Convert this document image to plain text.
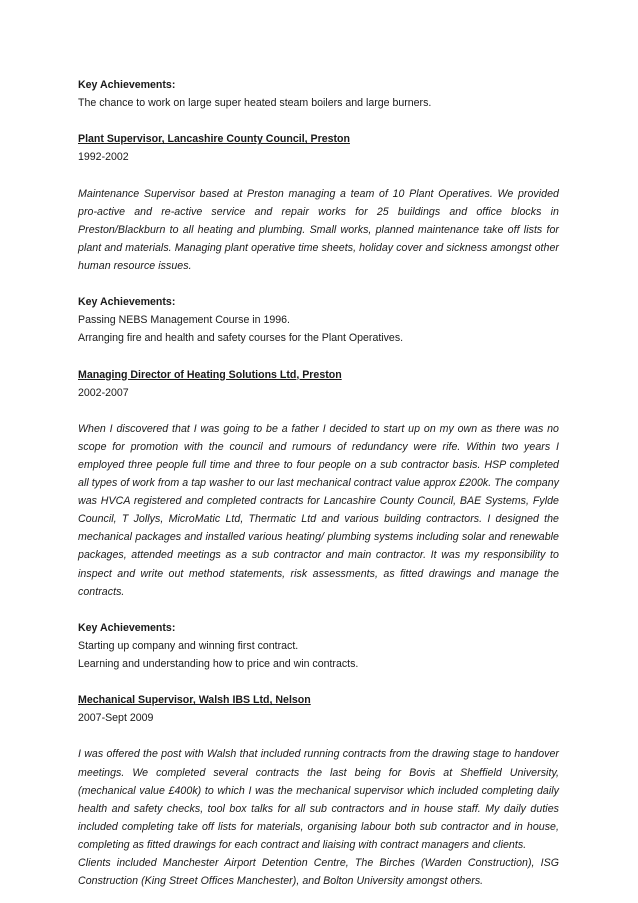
Key Achievements:
The chance to work on large super heated steam boilers and large burners.
Plant Supervisor, Lancashire County Council, Preston
1992-2002
Maintenance Supervisor based at Preston managing a team of 10 Plant Operatives. We provided pro-active and re-active service and repair works for 25 buildings and office blocks in Preston/Blackburn to all heating and plumbing. Small works, planned maintenance take off lists for plant and materials. Managing plant operative time sheets, holiday cover and sickness amongst other human resource issues.
Key Achievements:
Passing NEBS Management Course in 1996.
Arranging fire and health and safety courses for the Plant Operatives.
Managing Director of Heating Solutions Ltd, Preston
2002-2007
When I discovered that I was going to be a father I decided to start up on my own as there was no scope for promotion with the council and rumours of redundancy were rife. Within two years I employed three people full time and three to four people on a sub contractor basis. HSP completed all types of work from a tap washer to our last mechanical contract value approx £200k. The company was HVCA registered and completed contracts for Lancashire County Council, BAE Systems, Fylde Council, T Jollys, MicroMatic Ltd, Thermatic Ltd and various building contractors. I designed the mechanical packages and installed various heating/ plumbing systems including solar and renewable packages, attended meetings as a sub contractor and main contractor. It was my responsibility to inspect and write out method statements, risk assessments, as fitted drawings and manage the contracts.
Key Achievements:
Starting up company and winning first contract.
Learning and understanding how to price and win contracts.
Mechanical Supervisor, Walsh IBS Ltd, Nelson
2007-Sept 2009
I was offered the post with Walsh that included running contracts from the drawing stage to handover meetings. We completed several contracts the last being for Bovis at Sheffield University, (mechanical value £400k) to which I was the mechanical supervisor which included completing daily health and safety checks, tool box talks for all sub contractors and in house staff. My daily duties included completing take off lists for materials, organising labour both sub contractor and in house, completing as fitted drawings for each contract and liaising with contract managers and clients.
Clients included Manchester Airport Detention Centre, The Birches (Warden Construction), ISG Construction (King Street Offices Manchester), and Bolton University amongst others.
